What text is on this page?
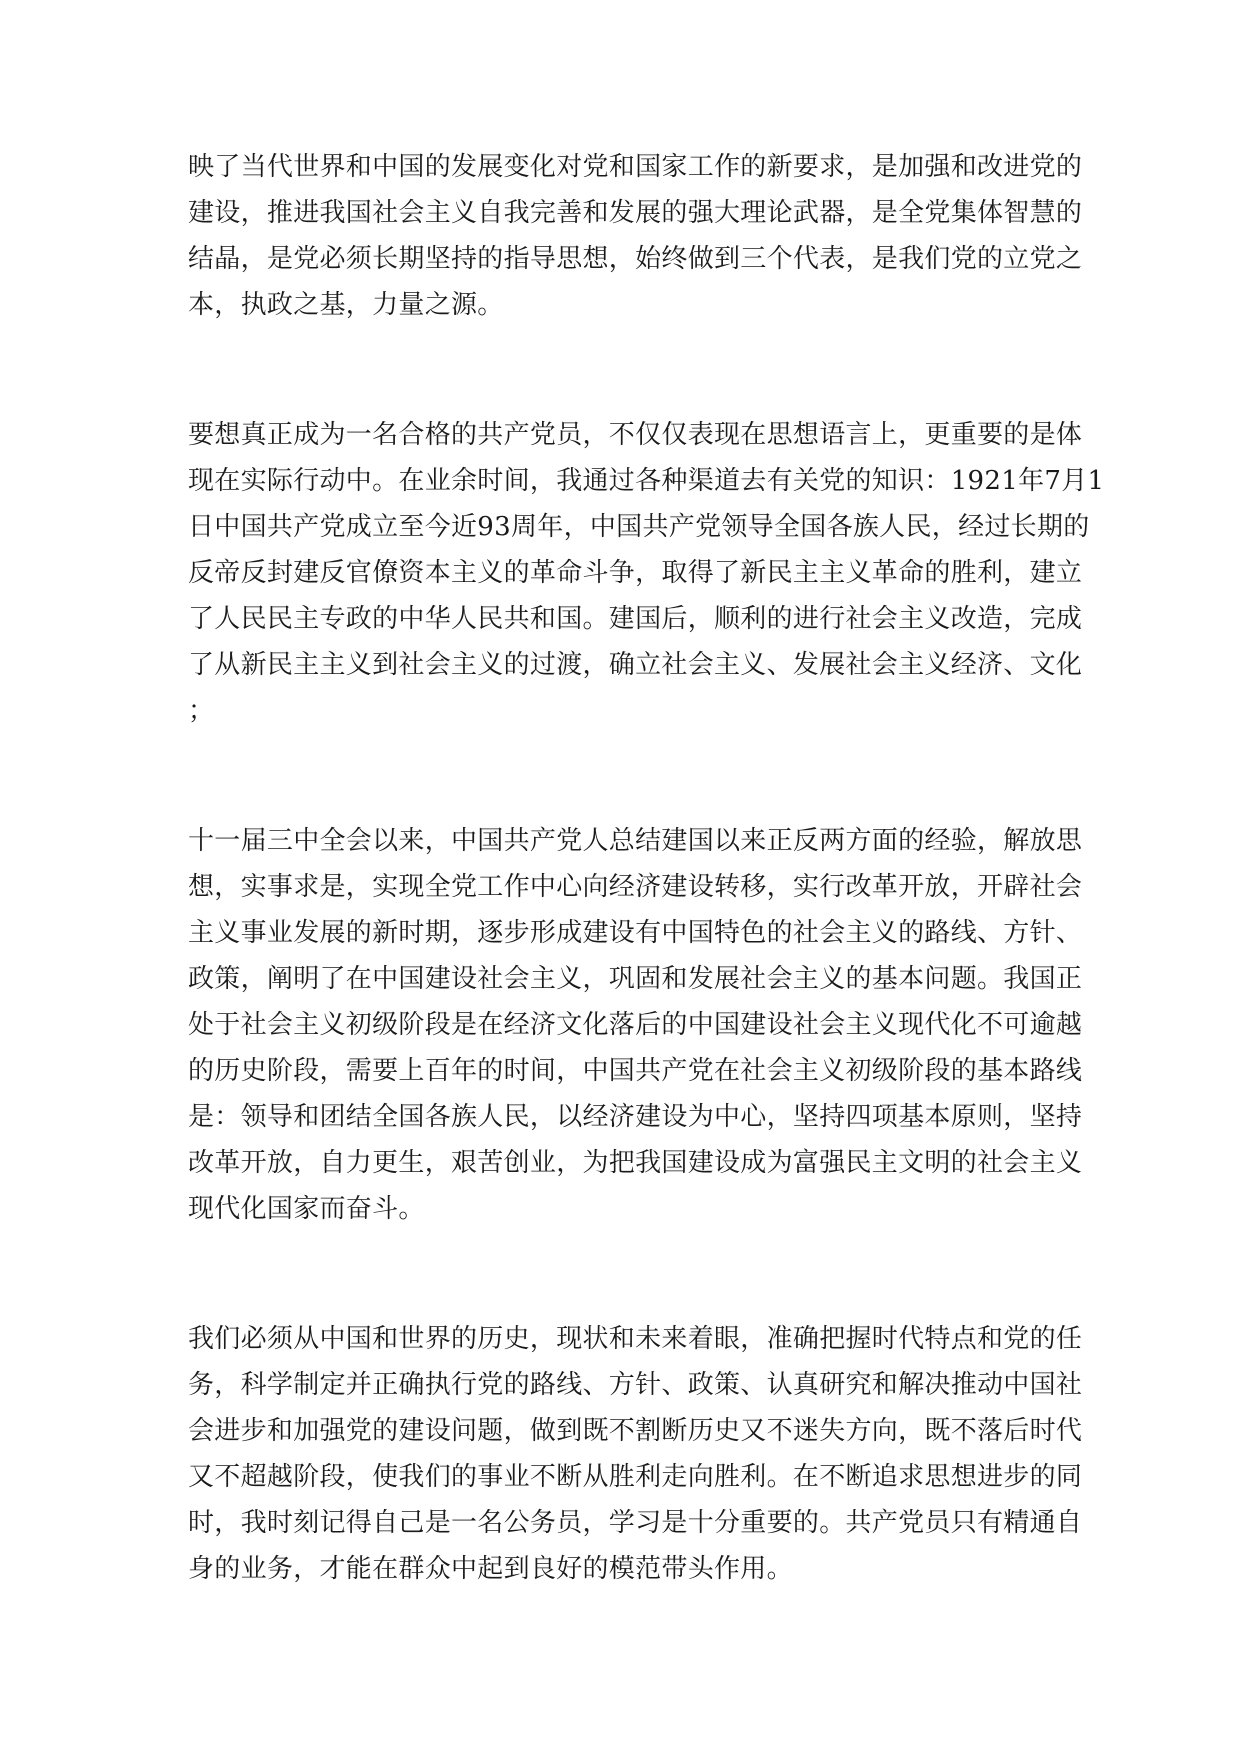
映了当代世界和中国的发展变化对党和国家工作的新要求，是加强和改进党的
建设，推进我国社会主义自我完善和发展的强大理论武器，是全党集体智慧的
结晶，是党必须长期坚持的指导思想，始终做到三个代表，是我们党的立党之
本，执政之基，力量之源。
要想真正成为一名合格的共产党员，不仅仅表现在思想语言上，更重要的是体
现在实际行动中。在业余时间，我通过各种渠道去有关党的知识：1921年7月1
日中国共产党成立至今近93周年，中国共产党领导全国各族人民，经过长期的
反帝反封建反官僚资本主义的革命斗争，取得了新民主主义革命的胜利，建立
了人民民主专政的中华人民共和国。建国后，顺利的进行社会主义改造，完成
了从新民主主义到社会主义的过渡，确立社会主义、发展社会主义经济、文化
；
十一届三中全会以来，中国共产党人总结建国以来正反两方面的经验，解放思
想，实事求是，实现全党工作中心向经济建设转移，实行改革开放，开辟社会
主义事业发展的新时期，逐步形成建设有中国特色的社会主义的路线、方针、
政策，阐明了在中国建设社会主义，巩固和发展社会主义的基本问题。我国正
处于社会主义初级阶段是在经济文化落后的中国建设社会主义现代化不可逾越
的历史阶段，需要上百年的时间，中国共产党在社会主义初级阶段的基本路线
是：领导和团结全国各族人民，以经济建设为中心，坚持四项基本原则，坚持
改革开放，自力更生，艰苦创业，为把我国建设成为富强民主文明的社会主义
现代化国家而奋斗。
我们必须从中国和世界的历史，现状和未来着眼，准确把握时代特点和党的任
务，科学制定并正确执行党的路线、方针、政策、认真研究和解决推动中国社
会进步和加强党的建设问题，做到既不割断历史又不迷失方向，既不落后时代
又不超越阶段，使我们的事业不断从胜利走向胜利。在不断追求思想进步的同
时，我时刻记得自己是一名公务员，学习是十分重要的。共产党员只有精通自
身的业务，才能在群众中起到良好的模范带头作用。
